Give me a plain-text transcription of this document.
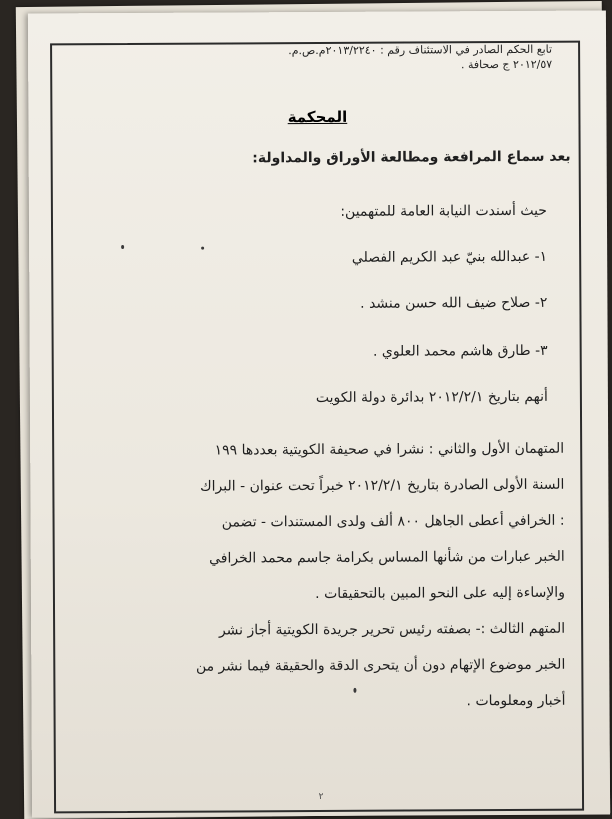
تابع الحكم الصادر في الاستئناف رقم : ٢٠١٣/٢٢٤٠م.ص.م.
٢٠١٢/٥٧ ج صحافة .
المحكمة
بعد سماع المرافعة ومطالعة الأوراق والمداولة:
حيث أسندت النيابة العامة للمتهمين:
١- عبدالله بنيّ عبد الكريم الفصلي
٢- صلاح ضيف الله حسن منشد .
٣- طارق هاشم محمد العلوي .
أنهم بتاريخ ٢٠١٢/٢/١ بدائرة دولة الكويت
المتهمان الأول والثاني : نشرا في صحيفة الكويتية بعددها ١٩٩
السنة الأولى الصادرة بتاريخ ٢٠١٢/٢/١ خبراً تحت عنوان - البراك
: الخرافي أعطى الجاهل ٨٠٠ ألف ولدى المستندات - تضمن
الخبر عبارات من شأنها المساس بكرامة جاسم محمد الخرافي
والإساءة إليه على النحو المبين بالتحقيقات .
المتهم الثالث :- بصفته رئيس تحرير جريدة الكويتية أجاز نشر
الخبر موضوع الإتهام دون أن يتحرى الدقة والحقيقة فيما نشر من
أخبار ومعلومات .
٢
